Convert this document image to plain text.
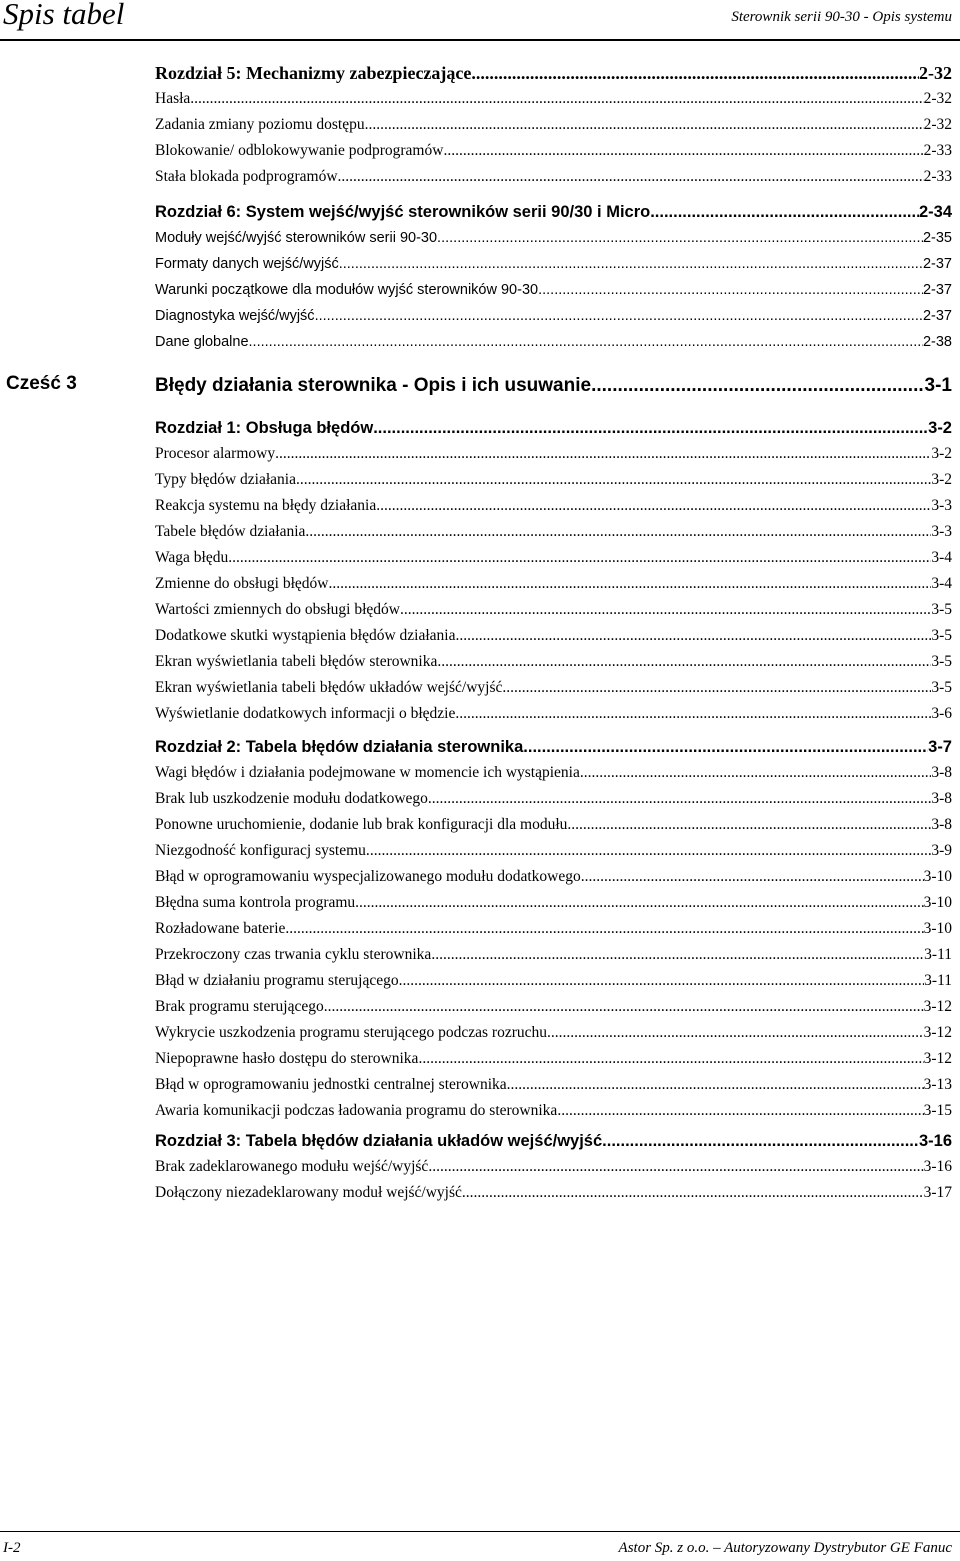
Spis tabel	Sterownik serii 90-30 - Opis systemu
Rozdział 5: Mechanizmy zabezpieczające .....	2-32
Hasła .....	2-32
Zadania zmiany poziomu dostępu .....	2-32
Blokowanie/ odblokowywanie podprogramów .....	2-33
Stała blokada podprogramów .....	2-33
Rozdział 6: System wejść/wyjść sterowników serii 90/30 i Micro .....	2-34
Moduły wejść/wyjść sterowników serii 90-30 .....	2-35
Formaty danych wejść/wyjść .....	2-37
Warunki początkowe dla modułów wyjść sterowników 90-30 .....	2-37
Diagnostyka wejść/wyjść .....	2-37
Dane globalne .....	2-38
Cześć 3	Błędy działania sterownika - Opis i ich usuwanie .....	3-1
Rozdział 1: Obsługa błędów .....	3-2
Procesor alarmowy .....	3-2
Typy błędów działania .....	3-2
Reakcja systemu na błędy działania .....	3-3
Tabele błędów działania .....	3-3
Waga błędu .....	3-4
Zmienne do obsługi błędów .....	3-4
Wartości zmiennych do obsługi błędów .....	3-5
Dodatkowe skutki wystąpienia błędów działania .....	3-5
Ekran wyświetlania tabeli błędów sterownika .....	3-5
Ekran wyświetlania tabeli błędów układów wejść/wyjść .....	3-5
Wyświetlanie dodatkowych informacji o błędzie .....	3-6
Rozdział 2: Tabela błędów działania sterownika .....	3-7
Wagi błędów i działania podejmowane w momencie ich wystąpienia .....	3-8
Brak lub uszkodzenie modułu dodatkowego .....	3-8
Ponowne uruchomienie, dodanie lub brak konfiguracji dla modułu .....	3-8
Niezgodność konfiguracj systemu. .....	3-9
Błąd w oprogramowaniu wyspecjalizowanego modułu dodatkowego .....	3-10
Błędna suma kontrola programu .....	3-10
Rozładowane baterie .....	3-10
Przekroczony czas trwania cyklu sterownika .....	3-11
Błąd w działaniu programu sterującego .....	3-11
Brak programu sterującego .....	3-12
Wykrycie uszkodzenia programu sterującego podczas rozruchu .....	3-12
Niepoprawne hasło dostępu do sterownika .....	3-12
Błąd w oprogramowaniu jednostki centralnej sterownika .....	3-13
Awaria komunikacji podczas ładowania programu do sterownika .....	3-15
Rozdział 3: Tabela błędów działania układów wejść/wyjść .....	3-16
Brak zadeklarowanego modułu wejść/wyjść .....	3-16
Dołączony niezadeklarowany moduł wejść/wyjść .....	3-17
I-2	Astor Sp. z o.o. – Autoryzowany Dystrybutor GE Fanuc
